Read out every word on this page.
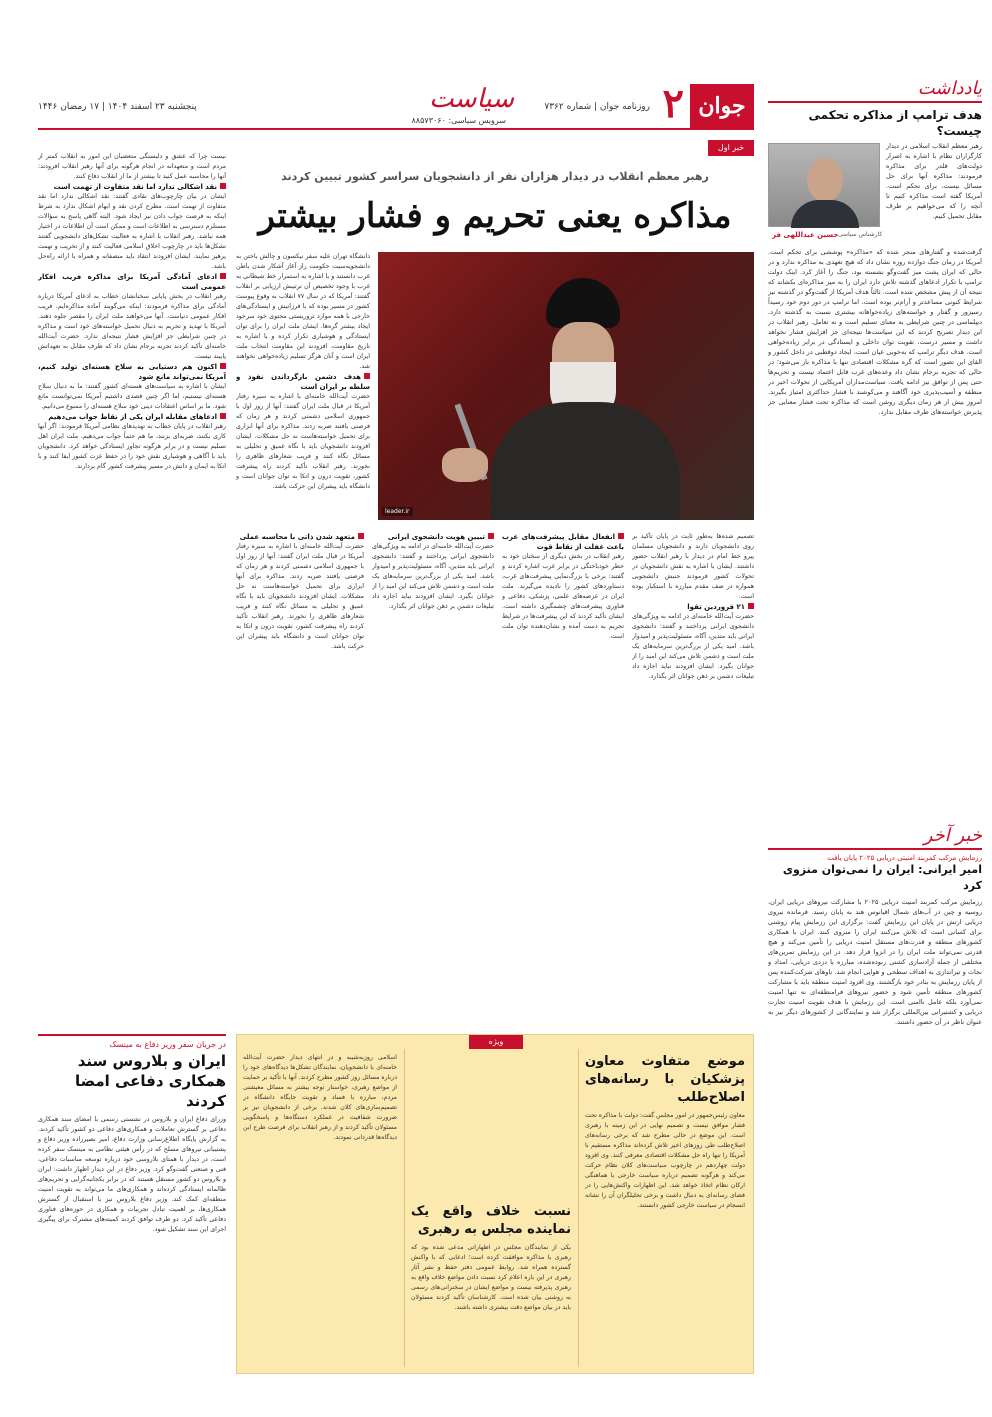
جوان
۲
روزنامه جوان | شماره ۷۳۶۲
سیاست
سرویس سیاسی: ۸۸۵۷۳۰۶۰
پنجشنبه ۲۳ اسفند ۱۴۰۴ | ۱۷ رمضان ۱۴۴۶
یادداشت
هدف ترامپ از مذاکره تحکمی چیست؟
رهبر معظم انقلاب اسلامی در دیدار کارگزاران نظام با اشاره به اصرار دولت‌های قلدر برای مذاکره فرمودند: مذاکره آنها برای حل مسائل نیست، برای تحکم است. آمریکا گفته است مذاکره کنیم تا آنچه را که می‌خواهیم بر طرف مقابل تحمیل کنیم.
حسین عبداللهی فر کارشناس سیاسی
گرفت‌شده و گفتارهای منجر شده که «مذاکره» پوششی برای تحکم است. آمریکا در زمان جنگ دوازده روزه نشان داد که هیچ تعهدی به مذاکره ندارد و در حالی که ایران پشت میز گفت‌وگو نشسته بود، جنگ را آغاز کرد. اینک دولت ترامپ با تکرار ادعاهای گذشته تلاش دارد ایران را به میز مذاکره‌ای بکشاند که نتیجه آن از پیش مشخص شده است. ثالثاً هدف آمریکا از گفت‌وگو در گذشته نیز شرایط کنونی مساعدتر و آرام‌تر بوده است، اما ترامپ در دور دوم خود رسیداً رسیزور و گفتار و خواسته‌های زیاده‌خواهانه بیشتری نسبت به گذشته دارد. دیپلماسی در چنین شرایطی به معنای تسلیم است و نه تعامل. رهبر انقلاب در این دیدار تصریح کردند که این سیاست‌ها نتیجه‌ای جز افزایش فشار نخواهد داشت و مسیر درست، تقویت توان داخلی و ایستادگی در برابر زیاده‌خواهی است. هدف دیگر ترامپ که به‌خوبی عیان است، ایجاد دوقطبی در داخل کشور و القای این تصور است که گره مشکلات اقتصادی تنها با مذاکره باز می‌شود؛ در حالی که تجربه برجام نشان داد وعده‌های غرب قابل اعتماد نیست و تحریم‌ها حتی پس از توافق نیز ادامه یافت. سیاست‌مداران آمریکایی از تحولات اخیر در منطقه و آسیب‌پذیری خود آگاهند و می‌کوشند با فشار حداکثری امتیاز بگیرند. امروز بیش از هر زمان دیگری روشن است که مذاکره تحت فشار معنایی جز پذیرش خواسته‌های طرف مقابل ندارد.
خبر آخر
رزمایش مرکب کمربند امنیتی دریایی ۲۰۲۵ پایان یافت
امیر ایرانی: ایران را نمی‌توان منزوی کرد
رزمایش مرکب کمربند امنیت دریایی ۲۰۲۵ با مشارکت نیروهای دریایی ایران، روسیه و چین در آب‌های شمال اقیانوس هند به پایان رسید. فرمانده نیروی دریایی ارتش در پایان این رزمایش گفت: برگزاری این رزمایش پیام روشنی برای کسانی است که تلاش می‌کنند ایران را منزوی کنند. ایران با همکاری کشورهای منطقه و قدرت‌های مستقل امنیت دریایی را تأمین می‌کند و هیچ قدرتی نمی‌تواند ملت ایران را در انزوا قرار دهد. در این رزمایش تمرین‌های مختلفی از جمله آزادسازی کشتی ربوده‌شده، مبارزه با دزدی دریایی، امداد و نجات و تیراندازی به اهداف سطحی و هوایی انجام شد. ناوهای شرکت‌کننده پس از پایان رزمایش به بنادر خود بازگشتند. وی افزود امنیت منطقه باید با مشارکت کشورهای منطقه تأمین شود و حضور نیروهای فرامنطقه‌ای نه تنها امنیت نمی‌آورد بلکه عامل ناامنی است. این رزمایش با هدف تقویت امنیت تجارت دریایی و کشتیرانی بین‌المللی برگزار شد و نمایندگانی از کشورهای دیگر نیز به عنوان ناظر در آن حضور داشتند.
خبر اول
رهبر معظم انقلاب در دیدار هزاران نفر از دانشجویان سراسر کشور تبیین کردند
مذاکره یعنی تحریم و فشار بیشتر
leader.ir
دانشگاه تهران علیه سفر نیکسون و چالش باختن به دانشجویه‌سیت حکومت راز آغاز آشکار شدن باطن غرب دانستند و با اشاره به استمرار خط شیطانی به غرب با وجود تخصیص آن ترتیبش ارزیابی بر انقلاب گفتند: آمریکا که در سال ۷۷ انقلاب به وقوع پیوست کشور در مسیر بوده که با فرزانیش و ایستادگی‌های خارجی با همه موارد تروریستی محتوی خود سرخود ایجاد بیشتر گره‌ها. ایشان ملت ایران را برای توان ایستادگی و هوشیاری تکرار کرده و با اشاره به تاریخ مقاومت، افزودند این مقاومت انتخاب ملت ایران است و آنان هرگز تسلیم زیاده‌خواهی نخواهند شد.
هدف دشمن بازگرداندن نفوذ و سلطه بر ایران است
حضرت آیت‌الله خامنه‌ای با اشاره به سیره رفتار آمریکا در قبال ملت ایران گفتند: آنها از روز اول با جمهوری اسلامی دشمنی کردند و هر زمان که فرصتی یافتند ضربه زدند. مذاکره برای آنها ابزاری برای تحمیل خواسته‌هاست نه حل مشکلات. ایشان افزودند دانشجویان باید با نگاه عمیق و تحلیلی به مسائل نگاه کنند و فریب شعارهای ظاهری را نخورند. رهبر انقلاب تأکید کردند راه پیشرفت کشور، تقویت درون و اتکا به توان جوانان است و دانشگاه باید پیشران این حرکت باشد.
تصمیم شده‌ها به‌طور ثابت در پایان تأکید بر روی دانشجویان دارند و دانشجویان مسلمان پیرو خط امام در دیدار با رهبر انقلاب حضور داشتند. ایشان با اشاره به نقش دانشجویان در تحولات کشور فرمودند جنبش دانشجویی همواره در صف مقدم مبارزه با استکبار بوده است.
۲۱ فروردین تقوا
حضرت آیت‌الله خامنه‌ای در ادامه به ویژگی‌های دانشجوی ایرانی پرداختند و گفتند: دانشجوی ایرانی باید متدین، آگاه، مسئولیت‌پذیر و امیدوار باشد. امید یکی از بزرگ‌ترین سرمایه‌های یک ملت است و دشمن تلاش می‌کند این امید را از جوانان بگیرد. ایشان افزودند نباید اجازه داد تبلیغات دشمن بر ذهن جوانان اثر بگذارد.
انفعال مقابل پیشرفت‌های غرب باعث غفلت از نقاط قوت
رهبر انقلاب در بخش دیگری از سخنان خود به خطر خودباختگی در برابر غرب اشاره کردند و گفتند: برخی با بزرگ‌نمایی پیشرفت‌های غرب، دستاوردهای کشور را نادیده می‌گیرند. ملت ایران در عرصه‌های علمی، پزشکی، دفاعی و فناوری پیشرفت‌های چشمگیری داشته است. ایشان تأکید کردند که این پیشرفت‌ها در شرایط تحریم به دست آمده و نشان‌دهنده توان ملت است.
تبیین هویت دانشجوی ایرانی
حضرت آیت‌الله خامنه‌ای در ادامه به ویژگی‌های دانشجوی ایرانی پرداختند و گفتند: دانشجوی ایرانی باید متدین، آگاه، مسئولیت‌پذیر و امیدوار باشد. امید یکی از بزرگ‌ترین سرمایه‌های یک ملت است و دشمن تلاش می‌کند این امید را از جوانان بگیرد. ایشان افزودند نباید اجازه داد تبلیغات دشمن بر ذهن جوانان اثر بگذارد.
متعهد شدن ذاتی با محاسبه عملی
حضرت آیت‌الله خامنه‌ای با اشاره به سیره رفتار آمریکا در قبال ملت ایران گفتند: آنها از روز اول با جمهوری اسلامی دشمنی کردند و هر زمان که فرصتی یافتند ضربه زدند. مذاکره برای آنها ابزاری برای تحمیل خواسته‌هاست نه حل مشکلات. ایشان افزودند دانشجویان باید با نگاه عمیق و تحلیلی به مسائل نگاه کنند و فریب شعارهای ظاهری را نخورند. رهبر انقلاب تأکید کردند راه پیشرفت کشور، تقویت درون و اتکا به توان جوانان است و دانشگاه باید پیشران این حرکت باشد.
نیست چرا که عشق و دلبستگی متعصبان این امور به انقلاب کمتر از مردم است و متعهدانه در انجام هرگونه برای آنها رهبر انقلاب افزودند: آنها را محاسبه عمل کنید تا بیشتر از ما از انقلاب دفاع کنند.
نقد اشکالی ندارد اما نقد متفاوت از تهمت است
ایشان در بیان چارچوب‌های نقادی گفتند: نقد اشکالی ندارد اما نقد متفاوت از تهمت است. مطرح کردن نقد و ابهام اشکال ندارد به شرط اینکه به فرصت جواب دادن نیز ایجاد شود. البته گاهی پاسخ به سؤالات مستلزم دسترسی به اطلاعات است و ممکن است آن اطلاعات در اختیار همه نباشد. رهبر انقلاب با اشاره به فعالیت تشکل‌های دانشجویی گفتند تشکل‌ها باید در چارچوب اخلاق اسلامی فعالیت کنند و از تخریب و تهمت پرهیز نمایند. ایشان افزودند انتقاد باید منصفانه و همراه با ارائه راه‌حل باشد.
ادعای آمادگی آمریکا برای مذاکره فریب افکار عمومی است
رهبر انقلاب در بخش پایانی سخنانشان خطاب به ادعای آمریکا درباره آمادگی برای مذاکره فرمودند: اینکه می‌گویند آماده مذاکره‌ایم، فریب افکار عمومی دنیاست. آنها می‌خواهند ملت ایران را مقصر جلوه دهند. آمریکا با تهدید و تحریم به دنبال تحمیل خواسته‌های خود است و مذاکره در چنین شرایطی جز افزایش فشار نتیجه‌ای ندارد. حضرت آیت‌الله خامنه‌ای تأکید کردند تجربه برجام نشان داد که طرف مقابل به تعهداتش پایبند نیست.
اکنون هم دستیابی به سلاح هسته‌ای تولید کنیم، آمریکا نمی‌تواند مانع شود
ایشان با اشاره به سیاست‌های هسته‌ای کشور گفتند: ما به دنبال سلاح هسته‌ای نیستیم، اما اگر چنین قصدی داشتیم آمریکا نمی‌توانست مانع شود. ما بر اساس اعتقادات دینی خود سلاح هسته‌ای را ممنوع می‌دانیم.
ادعاهای مقابله ایران یکی از نقاط جواب می‌دهیم
رهبر انقلاب در پایان خطاب به تهدیدهای نظامی آمریکا فرمودند: اگر آنها کاری بکنند، ضربه‌ای بزنند، ما هم حتماً جواب می‌دهیم. ملت ایران اهل تسلیم نیست و در برابر هرگونه تجاوز ایستادگی خواهد کرد. دانشجویان باید با آگاهی و هوشیاری نقش خود را در حفظ عزت کشور ایفا کنند و با اتکا به ایمان و دانش در مسیر پیشرفت کشور گام بردارند.
در جریان سفر وزیر دفاع به مینسک
ایران و بلاروس سند همکاری دفاعی امضا کردند
وزرای دفاع ایران و بلاروس در نشستی رسمی با امضای سند همکاری دفاعی بر گسترش تعاملات و همکاری‌های دفاعی دو کشور تأکید کردند. به گزارش پایگاه اطلاع‌رسانی وزارت دفاع، امیر نصیرزاده وزیر دفاع و پشتیبانی نیروهای مسلح که در رأس هیئتی نظامی به مینسک سفر کرده است، در دیدار با همتای بلاروسی خود درباره توسعه مناسبات دفاعی، فنی و صنعتی گفت‌وگو کرد. وزیر دفاع در این دیدار اظهار داشت: ایران و بلاروس دو کشور مستقل هستند که در برابر یکجانبه‌گرایی و تحریم‌های ظالمانه ایستادگی کرده‌اند و همکاری‌های ما می‌تواند به تقویت امنیت منطقه‌ای کمک کند. وزیر دفاع بلاروس نیز با استقبال از گسترش همکاری‌ها، بر اهمیت تبادل تجربیات و همکاری در حوزه‌های فناوری دفاعی تأکید کرد. دو طرف توافق کردند کمیته‌های مشترک برای پیگیری اجرای این سند تشکیل شود.
ویژه
موضع متفاوت معاون پزشکیان با رسانه‌های اصلاح‌طلب
معاون رئیس‌جمهور در امور مجلس گفت: دولت با مذاکره تحت فشار موافق نیست و تصمیم نهایی در این زمینه با رهبری است. این موضع در حالی مطرح شد که برخی رسانه‌های اصلاح‌طلب طی روزهای اخیر تلاش کرده‌اند مذاکره مستقیم با آمریکا را تنها راه حل مشکلات اقتصادی معرفی کنند. وی افزود دولت چهاردهم در چارچوب سیاست‌های کلان نظام حرکت می‌کند و هرگونه تصمیم درباره سیاست خارجی با هماهنگی ارکان نظام اتخاذ خواهد شد. این اظهارات واکنش‌هایی را در فضای رسانه‌ای به دنبال داشت و برخی تحلیلگران آن را نشانه انسجام در سیاست خارجی کشور دانستند.
نسبت خلاف واقع یک نماینده مجلس به رهبری
یکی از نمایندگان مجلس در اظهاراتی مدعی شده بود که رهبری با مذاکره موافقت کرده است؛ ادعایی که با واکنش گسترده همراه شد. روابط عمومی دفتر حفظ و نشر آثار رهبری در این باره اعلام کرد نسبت دادن مواضع خلاف واقع به رهبری پذیرفته نیست و مواضع ایشان در سخنرانی‌های رسمی به روشنی بیان شده است. کارشناسان تأکید کردند مسئولان باید در بیان مواضع دقت بیشتری داشته باشند.
اسلامی روزبه‌شیبه و در انتهای دیدار حضرت آیت‌الله خامنه‌ای با دانشجویان، نمایندگان تشکل‌ها دیدگاه‌های خود را درباره مسائل روز کشور مطرح کردند. آنها با تأکید بر حمایت از مواضع رهبری، خواستار توجه بیشتر به مسائل معیشتی مردم، مبارزه با فساد و تقویت جایگاه دانشگاه در تصمیم‌سازی‌های کلان شدند. برخی از دانشجویان نیز بر ضرورت شفافیت در عملکرد دستگاه‌ها و پاسخگویی مسئولان تأکید کردند و از رهبر انقلاب برای فرصت طرح این دیدگاه‌ها قدردانی نمودند.
